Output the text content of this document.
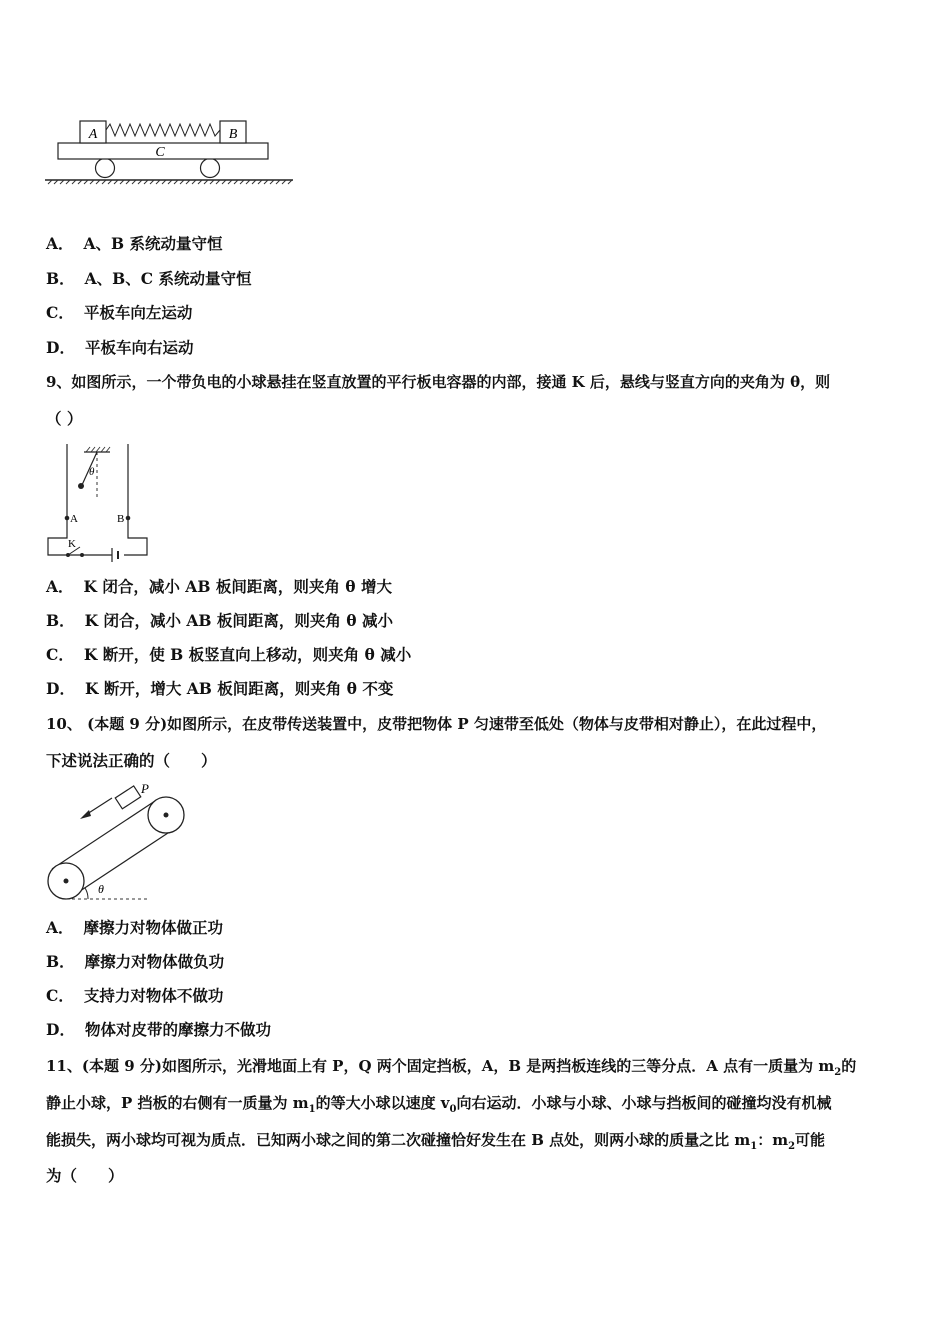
C
A	B
A． A、B 系统动量守恒
B． A、B、C 系统动量守恒
C． 平板车向左运动
D． 平板车向右运动
9、如图所示，一个带负电的小球悬挂在竖直放置的平行板电容器的内部，接通 K 后，悬线与竖直方向的夹角为 θ，则
（ ）
θ
K
A	B
A． K 闭合，减小 AB 板间距离，则夹角 θ 增大
B． K 闭合，减小 AB 板间距离，则夹角 θ 减小
C． K 断开，使 B 板竖直向上移动，则夹角 θ 减小
D． K 断开，增大 AB 板间距离，则夹角 θ 不变
10、 (本题 9 分)如图所示，在皮带传送装置中，皮带把物体 P 匀速带至低处（物体与皮带相对静止），在此过程中，
下述说法正确的（　　）
θ
P
A． 摩擦力对物体做正功
B． 摩擦力对物体做负功
C． 支持力对物体不做功
D． 物体对皮带的摩擦力不做功
11、(本题 9 分)如图所示，光滑地面上有 P，Q 两个固定挡板，A，B 是两挡板连线的三等分点．A 点有一质量为 $m_2$的
静止小球，P 挡板的右侧有一质量为 $m_1$的等大小球以速度 $v_0$向右运动．小球与小球、小球与挡板间的碰撞均没有机械
能损失，两小球均可视为质点．已知两小球之间的第二次碰撞恰好发生在 B 点处，则两小球的质量之比 $m_1$：$m_2$可能
为（　　）
